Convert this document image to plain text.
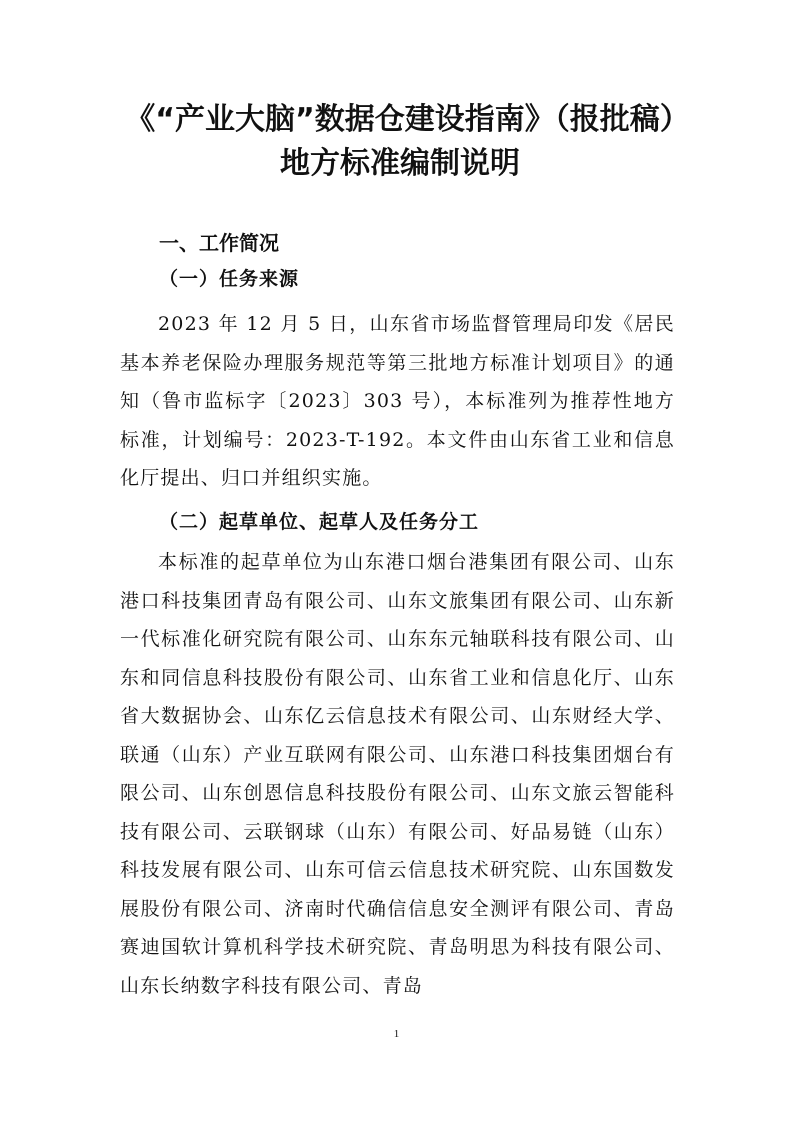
《“产业大脑”数据仓建设指南》（报批稿）地方标准编制说明
一、工作简况
（一）任务来源

2023 年 12 月 5 日，山东省市场监督管理局印发《居民基本养老保险办理服务规范等第三批地方标准计划项目》的通知（鲁市监标字〔2023〕303 号），本标准列为推荐性地方标准，计划编号：2023-T-192。本文件由山东省工业和信息化厅提出、归口并组织实施。

（二）起草单位、起草人及任务分工

本标准的起草单位为山东港口烟台港集团有限公司、山东港口科技集团青岛有限公司、山东文旅集团有限公司、山东新一代标准化研究院有限公司、山东东元轴联科技有限公司、山东和同信息科技股份有限公司、山东省工业和信息化厅、山东省大数据协会、山东亿云信息技术有限公司、山东财经大学、联通（山东）产业互联网有限公司、山东港口科技集团烟台有限公司、山东创恩信息科技股份有限公司、山东文旅云智能科技有限公司、云联钢球（山东）有限公司、好品易链（山东）科技发展有限公司、山东可信云信息技术研究院、山东国数发展股份有限公司、济南时代确信信息安全测评有限公司、青岛赛迪国软计算机科学技术研究院、青岛明思为科技有限公司、山东长纳数字科技有限公司、青岛

1
